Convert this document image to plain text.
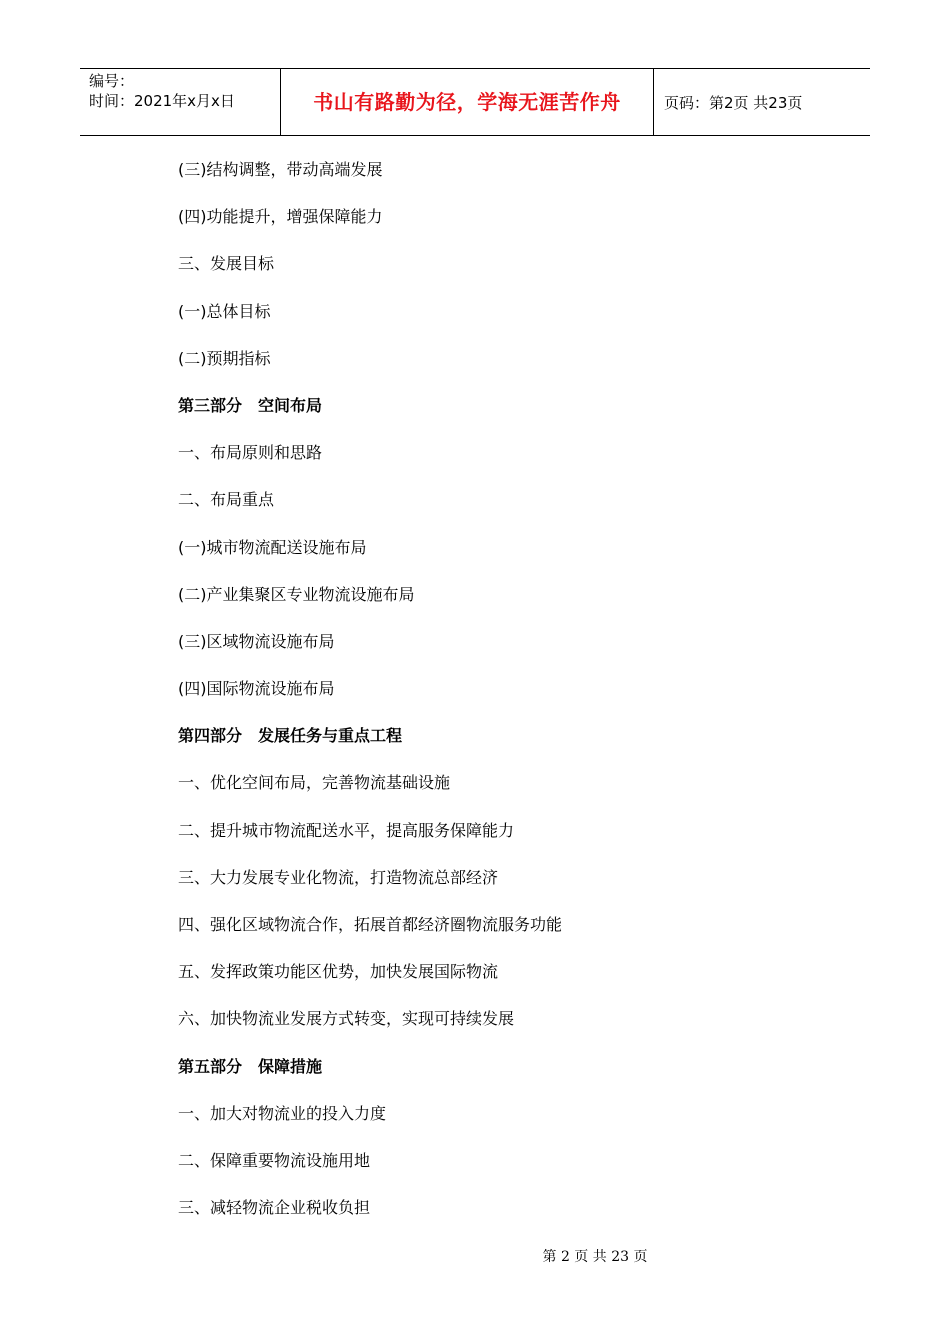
编号：
时间：2021年x月x日	书山有路勤为径，学海无涯苦作舟	页码：第2页 共23页
(三)结构调整，带动高端发展
(四)功能提升，增强保障能力
三、发展目标
(一)总体目标
(二)预期指标
第三部分　空间布局
一、布局原则和思路
二、布局重点
(一)城市物流配送设施布局
(二)产业集聚区专业物流设施布局
(三)区域物流设施布局
(四)国际物流设施布局
第四部分　发展任务与重点工程
一、优化空间布局，完善物流基础设施
二、提升城市物流配送水平，提高服务保障能力
三、大力发展专业化物流，打造物流总部经济
四、强化区域物流合作，拓展首都经济圈物流服务功能
五、发挥政策功能区优势，加快发展国际物流
六、加快物流业发展方式转变，实现可持续发展
第五部分　保障措施
一、加大对物流业的投入力度
二、保障重要物流设施用地
三、减轻物流企业税收负担
第 2 页 共 23 页
